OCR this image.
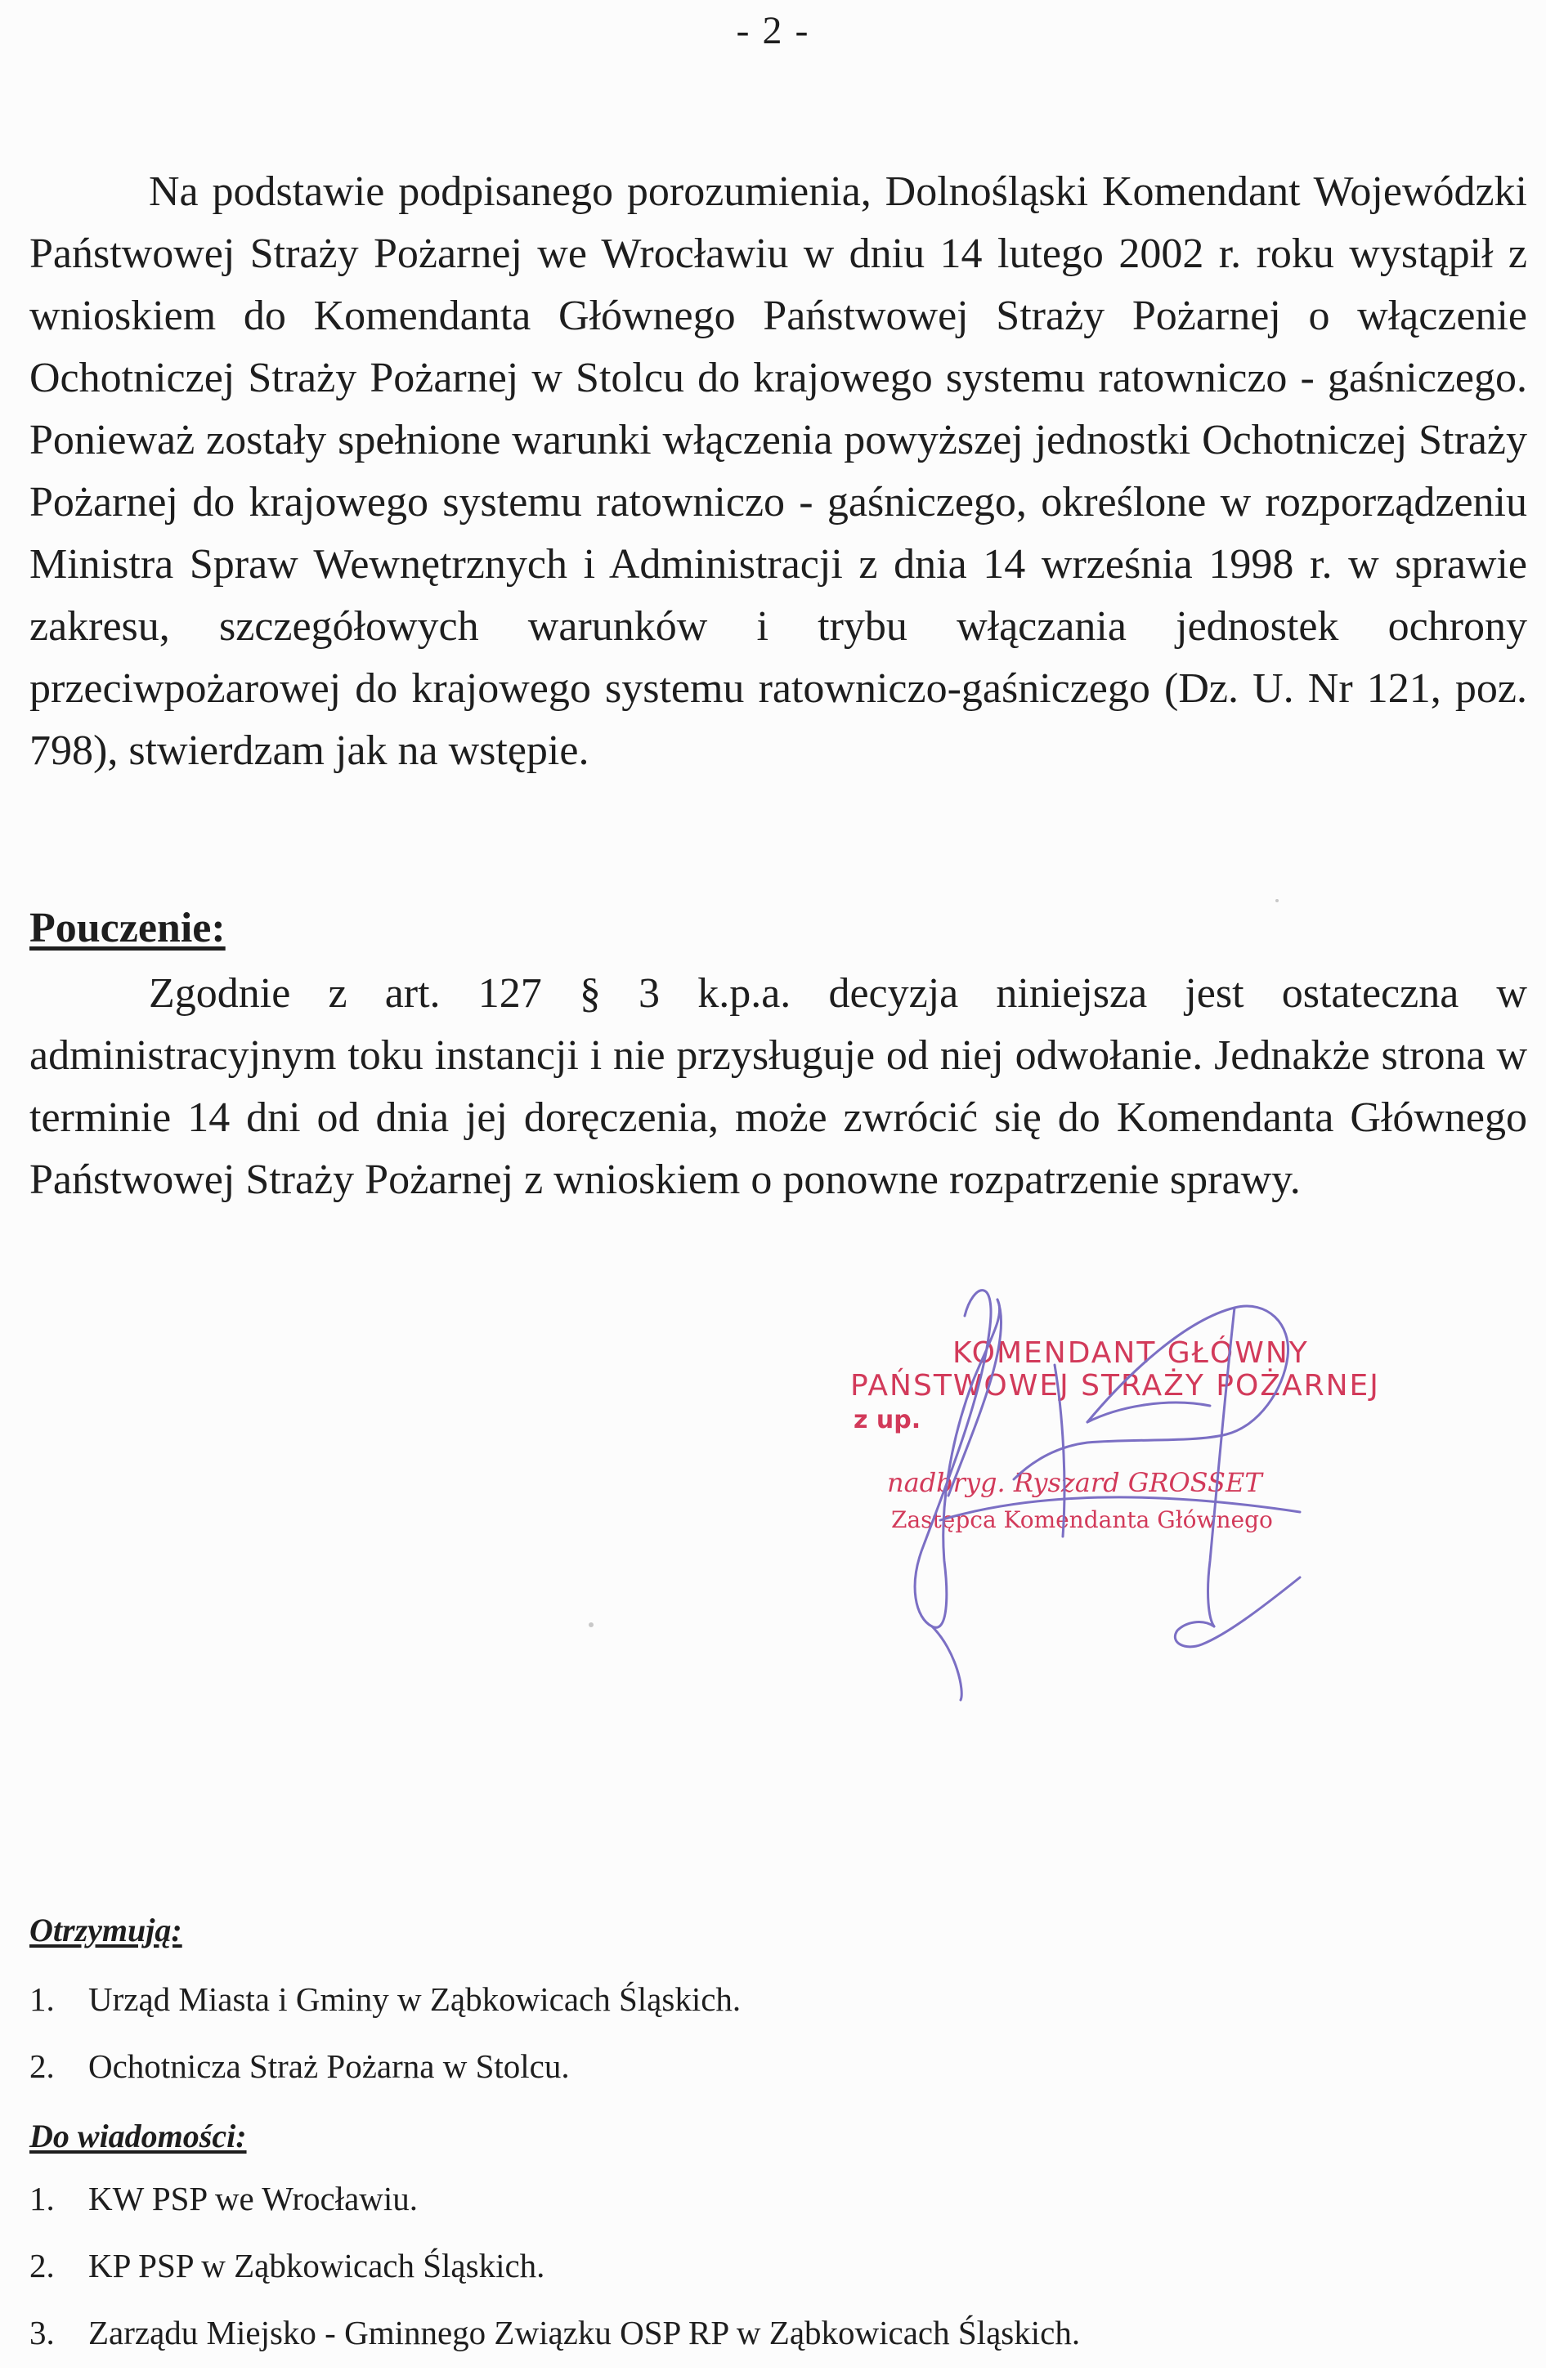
- 2 -

Na podstawie podpisanego porozumienia, Dolnośląski Komendant Wojewódzki Państwowej Straży Pożarnej we Wrocławiu w dniu 14 lutego 2002 r. roku wystąpił z wnioskiem do Komendanta Głównego Państwowej Straży Pożarnej o włączenie Ochotniczej Straży Pożarnej w Stolcu do krajowego systemu ratowniczo - gaśniczego. Ponieważ zostały spełnione warunki włączenia powyższej jednostki Ochotniczej Straży Pożarnej do krajowego systemu ratowniczo - gaśniczego, określone w rozporządzeniu Ministra Spraw Wewnętrznych i Administracji z dnia 14 września 1998 r. w sprawie zakresu, szczegółowych warunków i trybu włączania jednostek ochrony przeciwpożarowej do krajowego systemu ratowniczo-gaśniczego (Dz. U. Nr 121, poz. 798), stwierdzam jak na wstępie.

Pouczenie:

Zgodnie z art. 127 § 3 k.p.a. decyzja niniejsza jest ostateczna w administracyjnym toku instancji i nie przysługuje od niej odwołanie. Jednakże strona w terminie 14 dni od dnia jej doręczenia, może zwrócić się do Komendanta Głównego Państwowej Straży Pożarnej z wnioskiem o ponowne rozpatrzenie sprawy.

KOMENDANT GŁÓWNY
PAŃSTWOWEJ STRAŻY POŻARNEJ
z up.
nadbryg. Ryszard GROSSET
Zastępca Komendanta Głównego
Otrzymują:
1. Urząd Miasta i Gminy w Ząbkowicach Śląskich.
2. Ochotnicza Straż Pożarna w Stolcu.
Do wiadomości:
1. KW PSP we Wrocławiu.
2. KP PSP w Ząbkowicach Śląskich.
3. Zarządu Miejsko - Gminnego Związku OSP RP w Ząbkowicach Śląskich.
